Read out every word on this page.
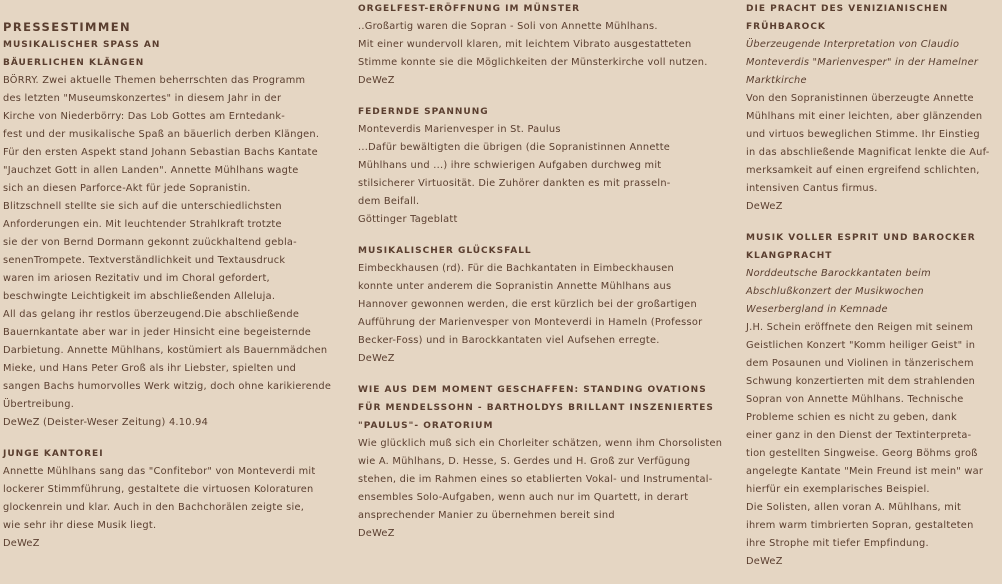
PRESSESTIMMEN
MUSIKALISCHER SPASS AN
BÄUERLICHEN KLÄNGEN
BÖRRY. Zwei aktuelle Themen beherrschten das Programm
des letzten "Museumskonzertes" in diesem Jahr in der
Kirche von Niederbörry: Das Lob Gottes am Erntedank-
fest und der musikalische Spaß an bäuerlich derben Klängen.
Für den ersten Aspekt stand Johann Sebastian Bachs Kantate
"Jauchzet Gott in allen Landen". Annette Mühlhans wagte
sich an diesen Parforce-Akt für jede Sopranistin.
Blitzschnell stellte sie sich auf die unterschiedlichsten
Anforderungen ein. Mit leuchtender Strahlkraft trotzte
sie der von Bernd Dormann gekonnt zuückhaltend gebla-
senenTrompete. Textverständlichkeit und Textausdruck
waren im ariosen Rezitativ und im Choral gefordert,
beschwingte Leichtigkeit im abschließenden Alleluja.
All das gelang ihr restlos überzeugend.Die abschließende
Bauernkantate aber war in jeder Hinsicht eine begeisternde
Darbietung. Annette Mühlhans, kostümiert als Bauernmädchen
Mieke, und Hans Peter Groß als ihr Liebster, spielten und
sangen Bachs humorvolles Werk witzig, doch ohne karikierende
Übertreibung.
DeWeZ (Deister-Weser Zeitung) 4.10.94
JUNGE KANTOREI
Annette Mühlhans sang das "Confitebor" von Monteverdi mit
lockerer Stimmführung, gestaltete die virtuosen Koloraturen
glockenrein und klar. Auch in den Bachchorälen zeigte sie,
wie sehr ihr diese Musik liegt.
DeWeZ
ORGELFEST-ERÖFFNUNG IM MÜNSTER
..Großartig waren die Sopran - Soli von Annette Mühlhans.
Mit einer wundervoll klaren, mit leichtem Vibrato ausgestatteten
Stimme konnte sie die Möglichkeiten der Münsterkirche voll nutzen.
DeWeZ
FEDERNDE SPANNUNG
Monteverdis Marienvesper in St. Paulus
...Dafür bewältigten die übrigen (die Sopranistinnen Annette
Mühlhans und ...) ihre schwierigen Aufgaben durchweg mit
stilsicherer Virtuosität. Die Zuhörer dankten es mit prasseln-
dem Beifall.
Göttinger Tageblatt
MUSIKALISCHER GLÜCKSFALL
Eimbeckhausen (rd). Für die Bachkantaten in Eimbeckhausen
konnte unter anderem die Sopranistin Annette Mühlhans aus
Hannover gewonnen werden, die erst kürzlich bei der großartigen
Aufführung der Marienvesper von Monteverdi in Hameln (Professor
Becker-Foss) und in Barockkantaten viel Aufsehen erregte.
DeWeZ
WIE AUS DEM MOMENT GESCHAFFEN: STANDING OVATIONS
FÜR MENDELSSOHN - BARTHOLDYS BRILLANT INSZENIERTES
"PAULUS"- ORATORIUM
Wie glücklich muß sich ein Chorleiter schätzen, wenn ihm Chorsolisten
wie A. Mühlhans, D. Hesse, S. Gerdes und H. Groß zur Verfügung
stehen, die im Rahmen eines so etablierten Vokal- und Instrumental-
ensembles Solo-Aufgaben, wenn auch nur im Quartett, in derart
ansprechender Manier zu übernehmen bereit sind
DeWeZ
DIE PRACHT DES VENIZIANISCHEN
FRÜHBAROCK
Überzeugende Interpretation von Claudio
Monteverdis "Marienvesper" in der Hamelner
Marktkirche
Von den Sopranistinnen überzeugte Annette
Mühlhans mit einer leichten, aber glänzenden
und virtuos beweglichen Stimme. Ihr Einstieg
in das abschließende Magnificat lenkte die Auf-
merksamkeit auf einen ergreifend schlichten,
intensiven Cantus firmus.
DeWeZ
MUSIK VOLLER ESPRIT UND BAROCKER
KLANGPRACHT
Norddeutsche Barockkantaten beim
Abschlußkonzert der Musikwochen
Weserbergland in Kemnade
J.H. Schein eröffnete den Reigen mit seinem
Geistlichen Konzert "Komm heiliger Geist" in
dem Posaunen und Violinen in tänzerischem
Schwung konzertierten mit dem strahlenden
Sopran von Annette Mühlhans. Technische
Probleme schien es nicht zu geben, dank
einer ganz in den Dienst der Textinterpreta-
tion gestellten Singweise. Georg Böhms groß
angelegte Kantate "Mein Freund ist mein" war
hierfür ein exemplarisches Beispiel.
Die Solisten, allen voran A. Mühlhans, mit
ihrem warm timbrierten Sopran, gestalteten
ihre Strophe mit tiefer Empfindung.
DeWeZ
